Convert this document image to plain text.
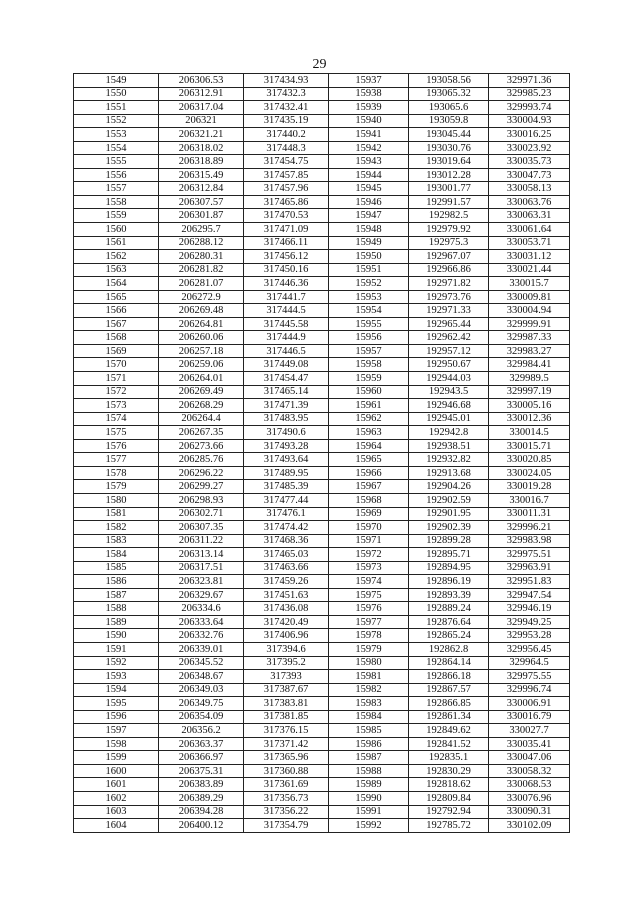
29
1549	206306.53	317434.93	15937	193058.56	329971.36
1550	206312.91	317432.3	15938	193065.32	329985.23
1551	206317.04	317432.41	15939	193065.6	329993.74
1552	206321	317435.19	15940	193059.8	330004.93
1553	206321.21	317440.2	15941	193045.44	330016.25
1554	206318.02	317448.3	15942	193030.76	330023.92
1555	206318.89	317454.75	15943	193019.64	330035.73
1556	206315.49	317457.85	15944	193012.28	330047.73
1557	206312.84	317457.96	15945	193001.77	330058.13
1558	206307.57	317465.86	15946	192991.57	330063.76
1559	206301.87	317470.53	15947	192982.5	330063.31
1560	206295.7	317471.09	15948	192979.92	330061.64
1561	206288.12	317466.11	15949	192975.3	330053.71
1562	206280.31	317456.12	15950	192967.07	330031.12
1563	206281.82	317450.16	15951	192966.86	330021.44
1564	206281.07	317446.36	15952	192971.82	330015.7
1565	206272.9	317441.7	15953	192973.76	330009.81
1566	206269.48	317444.5	15954	192971.33	330004.94
1567	206264.81	317445.58	15955	192965.44	329999.91
1568	206260.06	317444.9	15956	192962.42	329987.33
1569	206257.18	317446.5	15957	192957.12	329983.27
1570	206259.06	317449.08	15958	192950.67	329984.41
1571	206264.01	317454.47	15959	192944.03	329989.5
1572	206269.49	317465.14	15960	192943.5	329997.19
1573	206268.29	317471.39	15961	192946.68	330005.16
1574	206264.4	317483.95	15962	192945.01	330012.36
1575	206267.35	317490.6	15963	192942.8	330014.5
1576	206273.66	317493.28	15964	192938.51	330015.71
1577	206285.76	317493.64	15965	192932.82	330020.85
1578	206296.22	317489.95	15966	192913.68	330024.05
1579	206299.27	317485.39	15967	192904.26	330019.28
1580	206298.93	317477.44	15968	192902.59	330016.7
1581	206302.71	317476.1	15969	192901.95	330011.31
1582	206307.35	317474.42	15970	192902.39	329996.21
1583	206311.22	317468.36	15971	192899.28	329983.98
1584	206313.14	317465.03	15972	192895.71	329975.51
1585	206317.51	317463.66	15973	192894.95	329963.91
1586	206323.81	317459.26	15974	192896.19	329951.83
1587	206329.67	317451.63	15975	192893.39	329947.54
1588	206334.6	317436.08	15976	192889.24	329946.19
1589	206333.64	317420.49	15977	192876.64	329949.25
1590	206332.76	317406.96	15978	192865.24	329953.28
1591	206339.01	317394.6	15979	192862.8	329956.45
1592	206345.52	317395.2	15980	192864.14	329964.5
1593	206348.67	317393	15981	192866.18	329975.55
1594	206349.03	317387.67	15982	192867.57	329996.74
1595	206349.75	317383.81	15983	192866.85	330006.91
1596	206354.09	317381.85	15984	192861.34	330016.79
1597	206356.2	317376.15	15985	192849.62	330027.7
1598	206363.37	317371.42	15986	192841.52	330035.41
1599	206366.97	317365.96	15987	192835.1	330047.06
1600	206375.31	317360.88	15988	192830.29	330058.32
1601	206383.89	317361.69	15989	192818.62	330068.53
1602	206389.29	317356.73	15990	192809.84	330076.96
1603	206394.28	317356.22	15991	192792.94	330090.31
1604	206400.12	317354.79	15992	192785.72	330102.09
